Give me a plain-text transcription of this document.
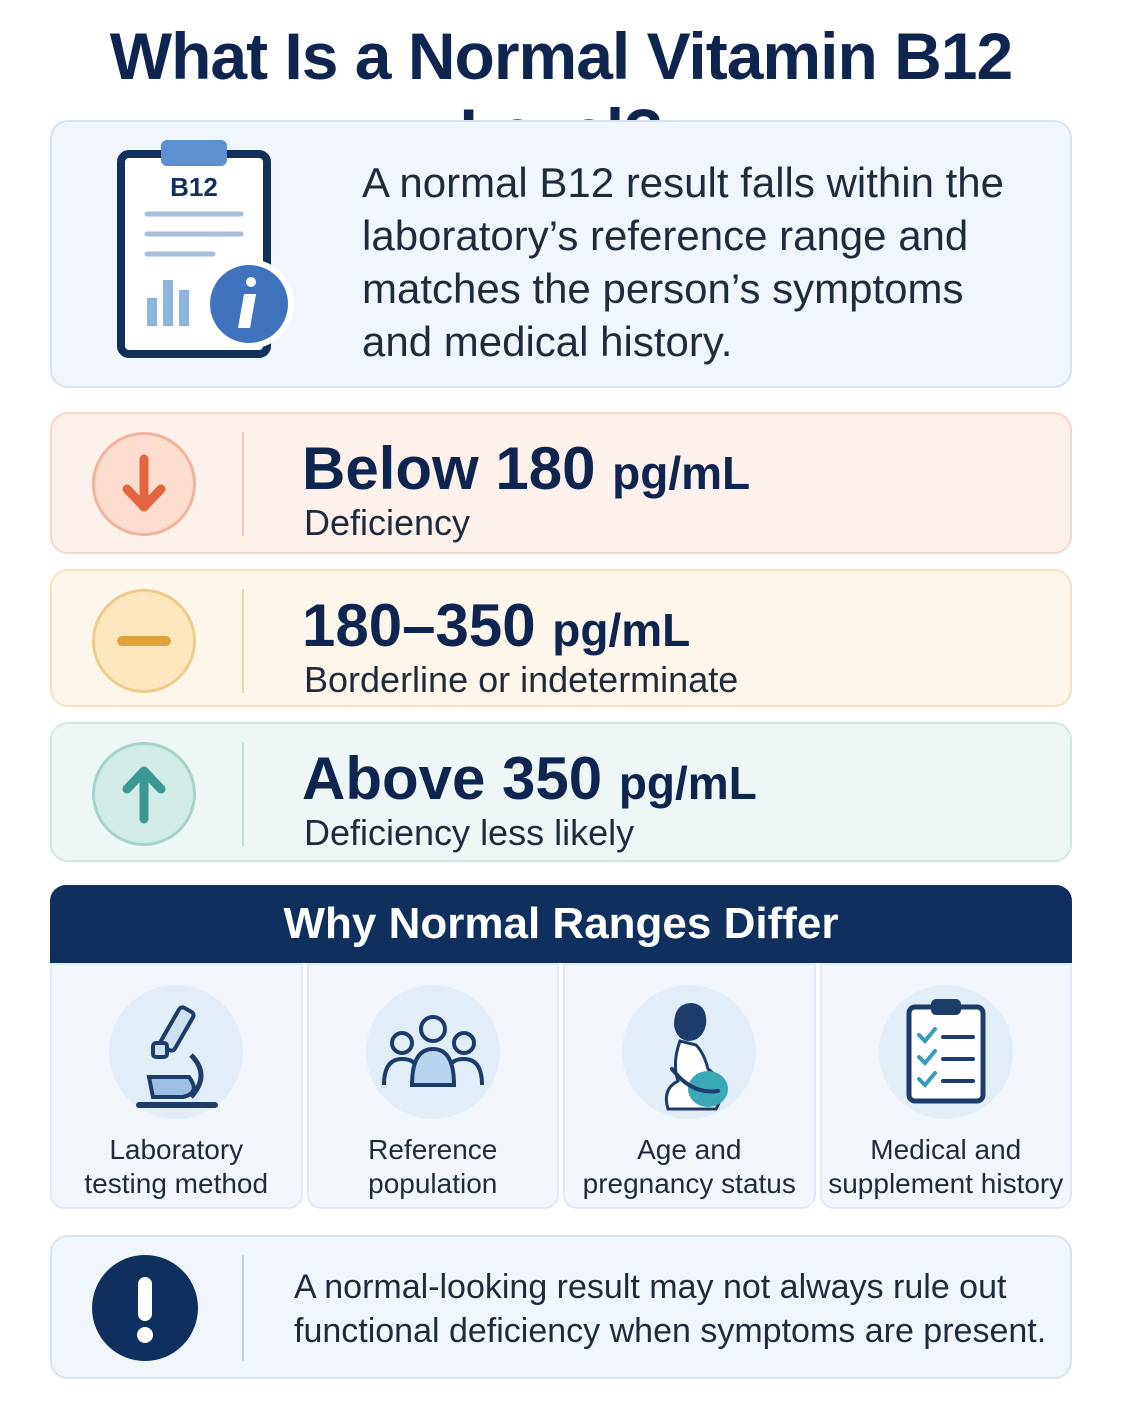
What Is a Normal Vitamin B12
B12	A normal B12 result falls within the laboratory’s reference range and matches the person’s symptoms and medical history.
Below 180 pg/mL
Deficiency
180–350 pg/mL
Borderline or indeterminate
Above 350 pg/mL
Deficiency less likely
Why Normal Ranges Differ
Laboratory
testing method
Reference
population
Age and
pregnancy status
Medical and
supplement history
A normal-looking result may not always rule out
functional deficiency when symptoms are present.
